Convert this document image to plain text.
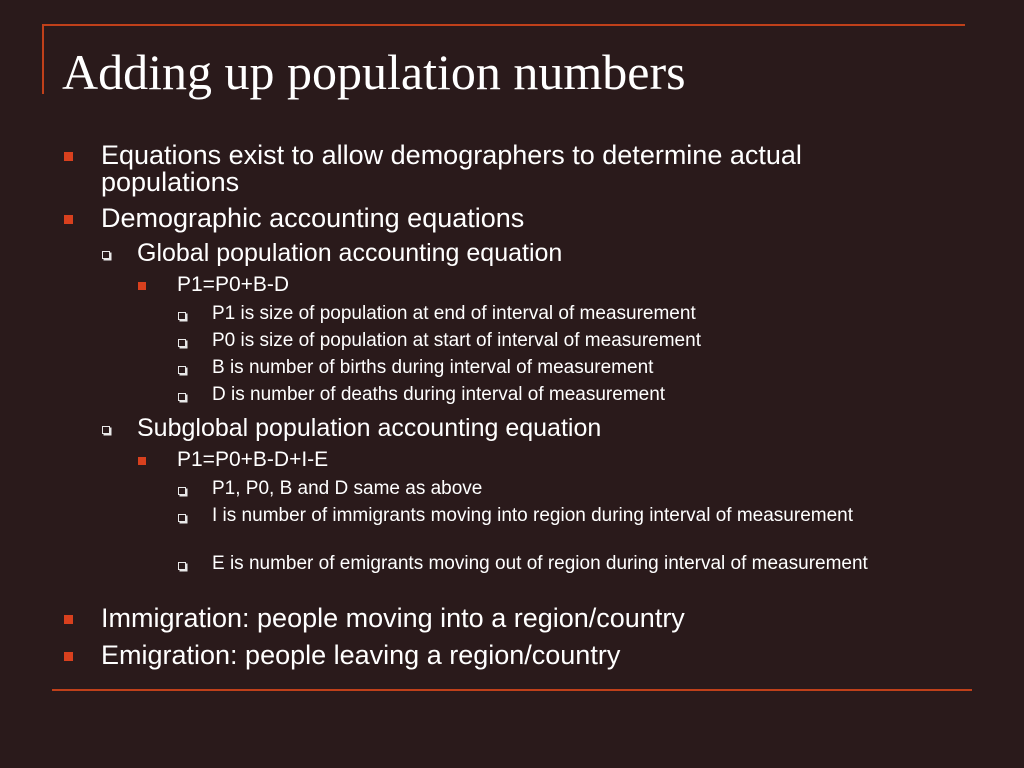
Adding up population numbers
Equations exist to allow demographers to determine actual populations
Demographic accounting equations
Global population accounting equation
P1=P0+B-D
P1 is size of population at end of interval of measurement
P0 is size of population at start of interval of measurement
B is number of births during interval of measurement
D is number of deaths during interval of measurement
Subglobal population accounting equation
P1=P0+B-D+I-E
P1, P0, B and D same as above
I is number of immigrants moving into region during interval of measurement
E is number of emigrants moving out of region during interval of measurement
Immigration: people moving into a region/country
Emigration: people leaving a region/country
